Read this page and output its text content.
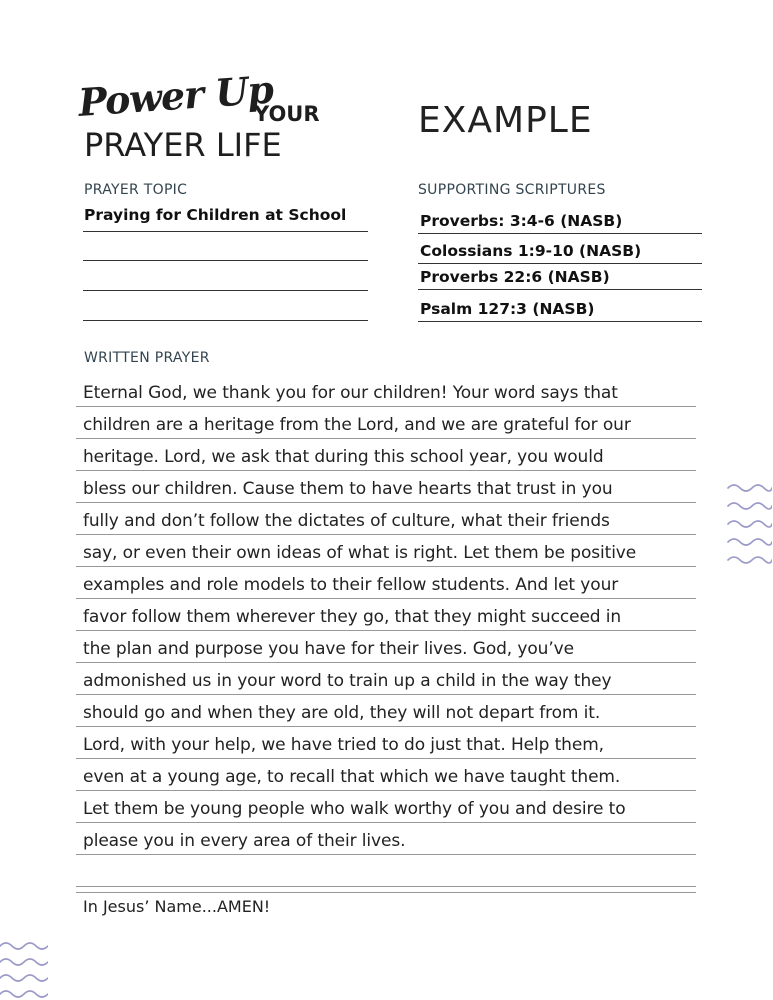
Power Up
YOUR
PRAYER LIFE
EXAMPLE
PRAYER TOPIC
Praying for Children at School
SUPPORTING SCRIPTURES
Proverbs: 3:4-6 (NASB)
Colossians 1:9-10 (NASB)
Proverbs 22:6 (NASB)
Psalm 127:3 (NASB)
WRITTEN PRAYER
Eternal God, we thank you for our children! Your word says that
children are a heritage from the Lord, and we are grateful for our
heritage. Lord, we ask that during this school year, you would
bless our children. Cause them to have hearts that trust in you
fully and don’t follow the dictates of culture, what their friends
say, or even their own ideas of what is right. Let them be positive
examples and role models to their fellow students. And let your
favor follow them wherever they go, that they might succeed in
the plan and purpose you have for their lives. God, you’ve
admonished us in your word to train up a child in the way they
should go and when they are old, they will not depart from it.
Lord, with your help, we have tried to do just that. Help them,
even at a young age, to recall that which we have taught them.
Let them be young people who walk worthy of you and desire to
please you in every area of their lives.
In Jesus’ Name...AMEN!
